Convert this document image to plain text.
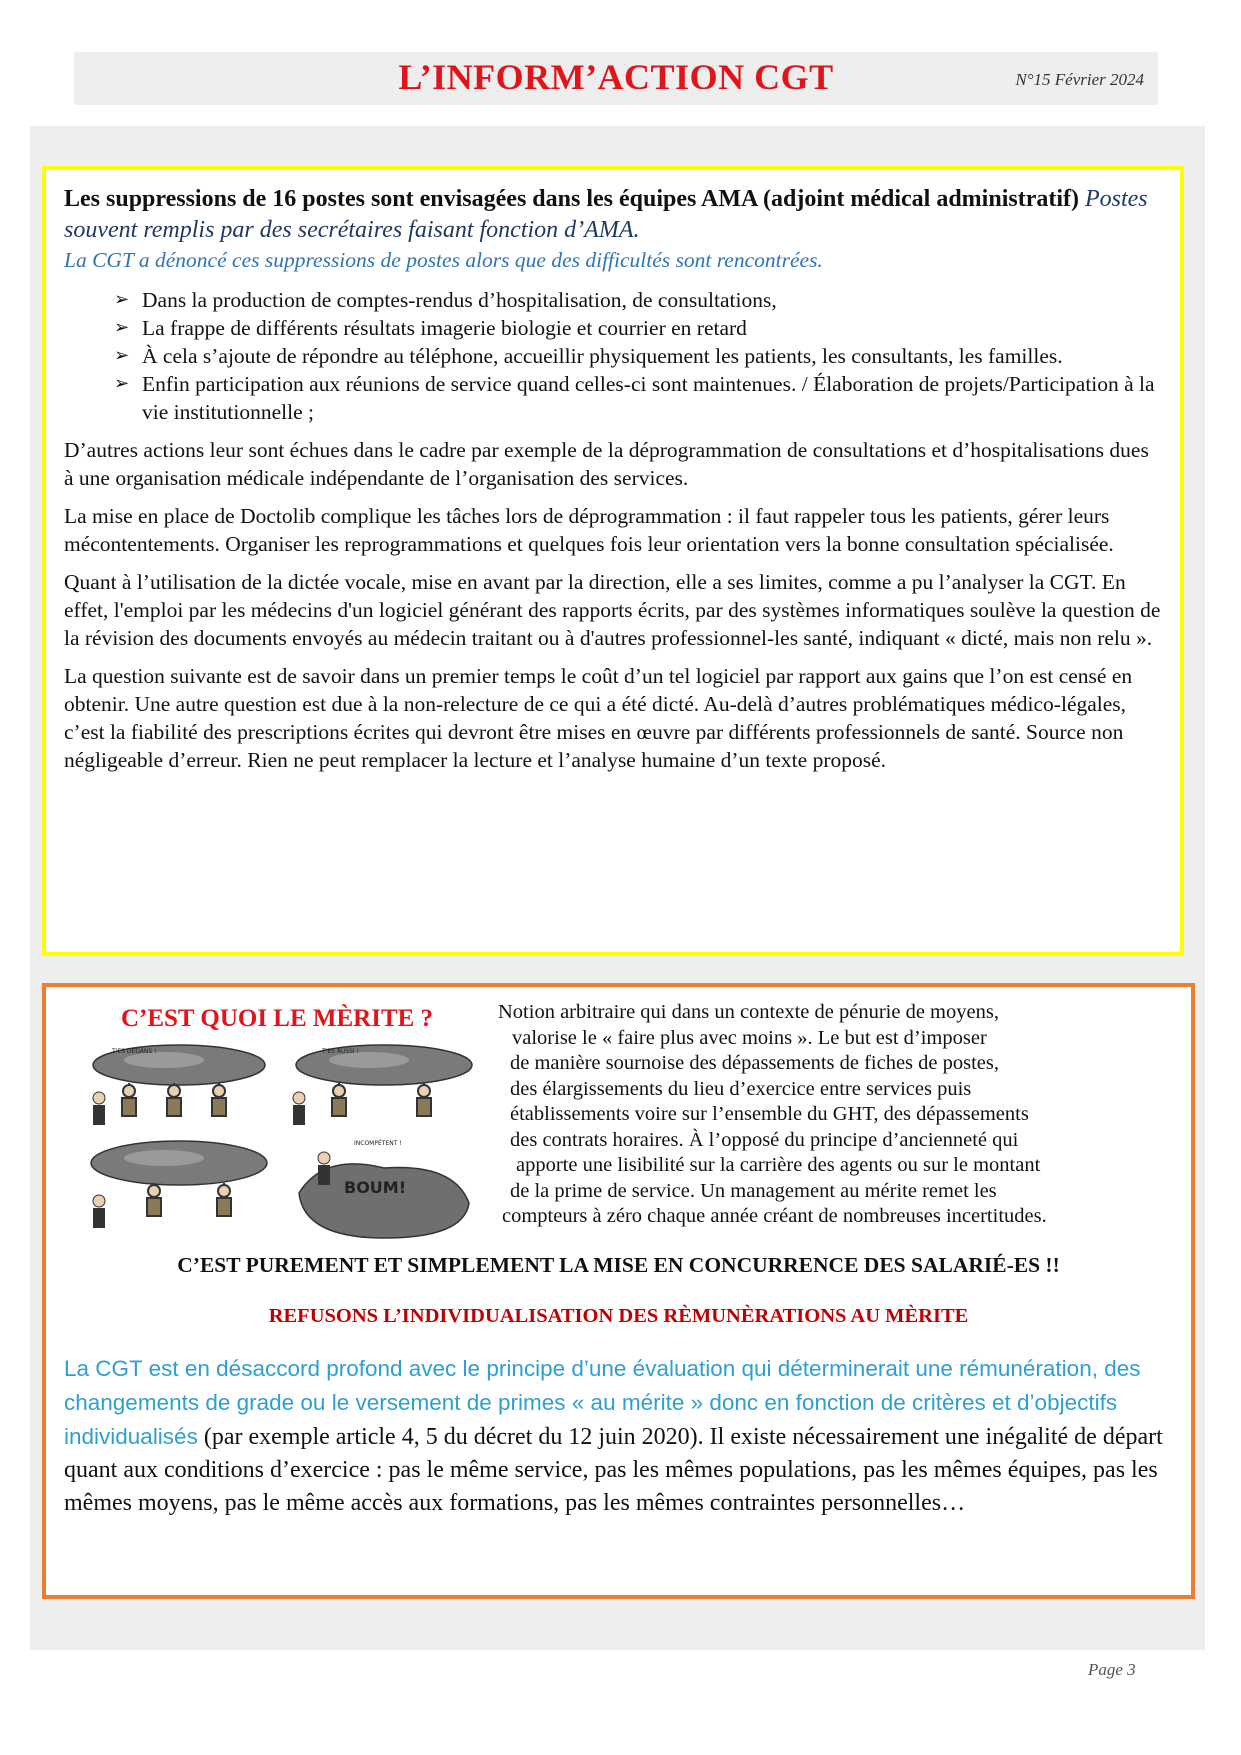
L’INFORM’ACTION CGT	N°15 Février 2024
Les suppressions de 16 postes sont envisagées dans les équipes AMA (adjoint médical administratif) Postes souvent remplis par des secrétaires faisant fonction d’AMA.
La CGT a dénoncé ces suppressions de postes alors que des difficultés sont rencontrées.
➢ Dans la production de comptes-rendus d’hospitalisation, de consultations,
➢ La frappe de différents résultats imagerie biologie et courrier en retard
➢ À cela s’ajoute de répondre au téléphone, accueillir physiquement les patients, les consultants, les familles.
➢ Enfin participation aux réunions de service quand celles-ci sont maintenues. / Élaboration de projets/Participation à la vie institutionnelle ;

D’autres actions leur sont échues dans le cadre par exemple de la déprogrammation de consultations et d’hospitalisations dues à une organisation médicale indépendante de l’organisation des services.

La mise en place de Doctolib complique les tâches lors de déprogrammation : il faut rappeler tous les patients, gérer leurs mécontentements. Organiser les reprogrammations et quelques fois leur orientation vers la bonne consultation spécialisée.

Quant à l’utilisation de la dictée vocale, mise en avant par la direction, elle a ses limites, comme a pu l’analyser la CGT. En effet, l'emploi par les médecins d'un logiciel générant des rapports écrits, par des systèmes informatiques soulève la question de la révision des documents envoyés au médecin traitant ou à d'autres professionnel-les santé, indiquant « dicté, mais non relu ».

La question suivante est de savoir dans un premier temps le coût d’un tel logiciel par rapport aux gains que l’on est censé en obtenir. Une autre question est due à la non-relecture de ce qui a été dicté. Au-delà d’autres problématiques médico-légales, c’est la fiabilité des prescriptions écrites qui devront être mises en œuvre par différents professionnels de santé. Source non négligeable d’erreur. Rien ne peut remplacer la lecture et l’analyse humaine d’un texte proposé.

C’EST QUOI LE MÈRITE ?
BOUM!
T'ES DEDANS !	T'ES AUSSI !
INCOMPÉTENT !
Notion arbitraire qui dans un contexte de pénurie de moyens,
valorise le « faire plus avec moins ». Le but est d’imposer
de manière sournoise des dépassements de fiches de postes,
des élargissements du lieu d’exercice entre services puis
établissements voire sur l’ensemble du GHT, des dépassements
des contrats horaires. À l’opposé du principe d’ancienneté qui
apporte une lisibilité sur la carrière des agents ou sur le montant
de la prime de service. Un management au mérite remet les
compteurs à zéro chaque année créant de nombreuses incertitudes.
C’EST PUREMENT ET SIMPLEMENT LA MISE EN CONCURRENCE DES SALARIÉ-ES !!
REFUSONS L’INDIVIDUALISATION DES RÈMUNÈRATIONS AU MÈRITE
La CGT est en désaccord profond avec le principe d’une évaluation qui déterminerait une rémunération, des changements de grade ou le versement de primes « au mérite » donc en fonction de critères et d’objectifs individualisés (par exemple article 4, 5 du décret du 12 juin 2020). Il existe nécessairement une inégalité de départ quant aux conditions d’exercice : pas le même service, pas les mêmes populations, pas les mêmes équipes, pas les mêmes moyens, pas le même accès aux formations, pas les mêmes contraintes personnelles…
Page 3
